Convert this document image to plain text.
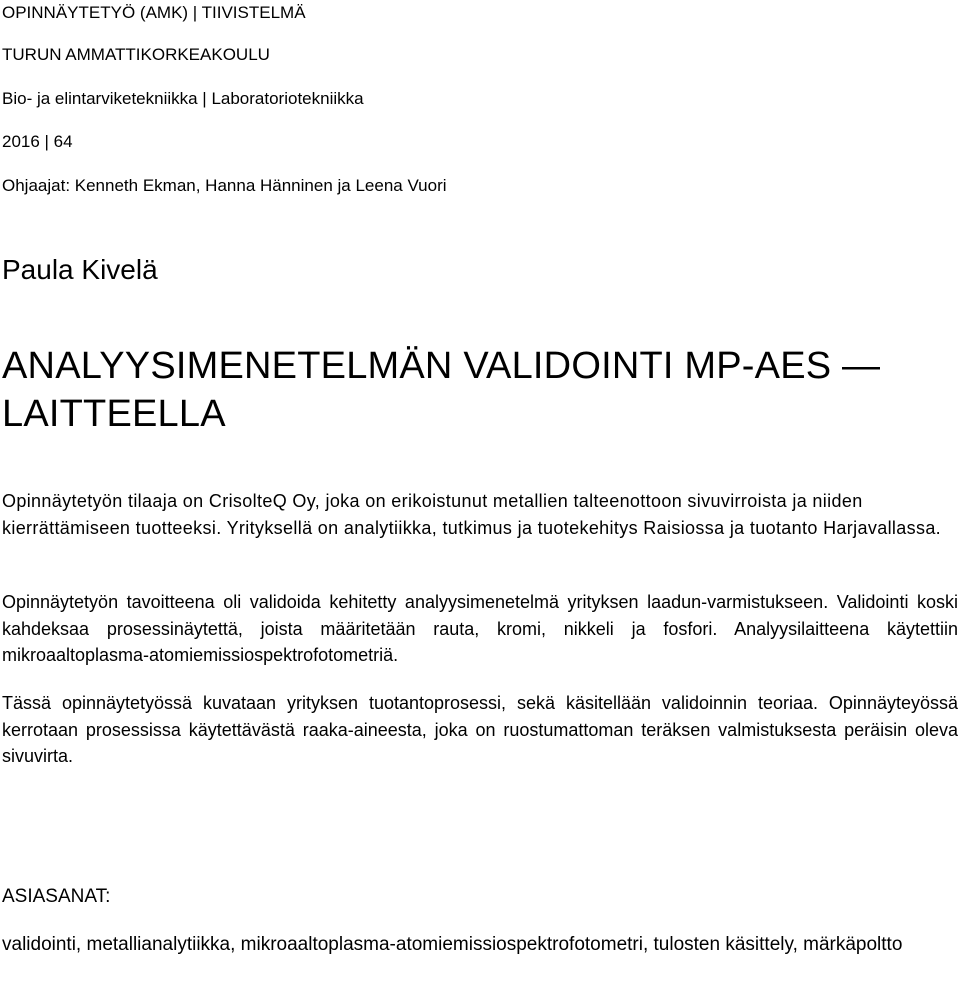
OPINNÄYTETYÖ (AMK) | TIIVISTELMÄ
TURUN AMMATTIKORKEAKOULU
Bio- ja elintarviketekniikka | Laboratoriotekniikka
2016 | 64
Ohjaajat: Kenneth Ekman, Hanna Hänninen ja Leena Vuori
Paula Kivelä
ANALYYSIMENETELMÄN VALIDOINTI MP-AES —
LAITTEELLA

Opinnäytetyön tilaaja on CrisolteQ Oy, joka on erikoistunut metallien talteenottoon sivuvirroista ja niiden kierrättämiseen tuotteeksi. Yrityksellä on analytiikka, tutkimus ja tuotekehitys Raisiossa ja tuotanto Harjavallassa.

Opinnäytetyön tavoitteena oli validoida kehitetty analyysimenetelmä yrityksen laadun-varmistukseen. Validointi koski kahdeksaa prosessinäytettä, joista määritetään rauta, kromi, nikkeli ja fosfori. Analyysilaitteena käytettiin mikroaaltoplasma-atomiemissiospektrofotometriä.

Tässä opinnäytetyössä kuvataan yrityksen tuotantoprosessi, sekä käsitellään validoinnin teoriaa. Opinnäyteyössä kerrotaan prosessissa käytettävästä raaka-aineesta, joka on ruostumattoman teräksen valmistuksesta peräisin oleva sivuvirta.

ASIASANAT:

validointi, metallianalytiikka, mikroaaltoplasma-atomiemissiospektrofotometri, tulosten käsittely, märkäpoltto
